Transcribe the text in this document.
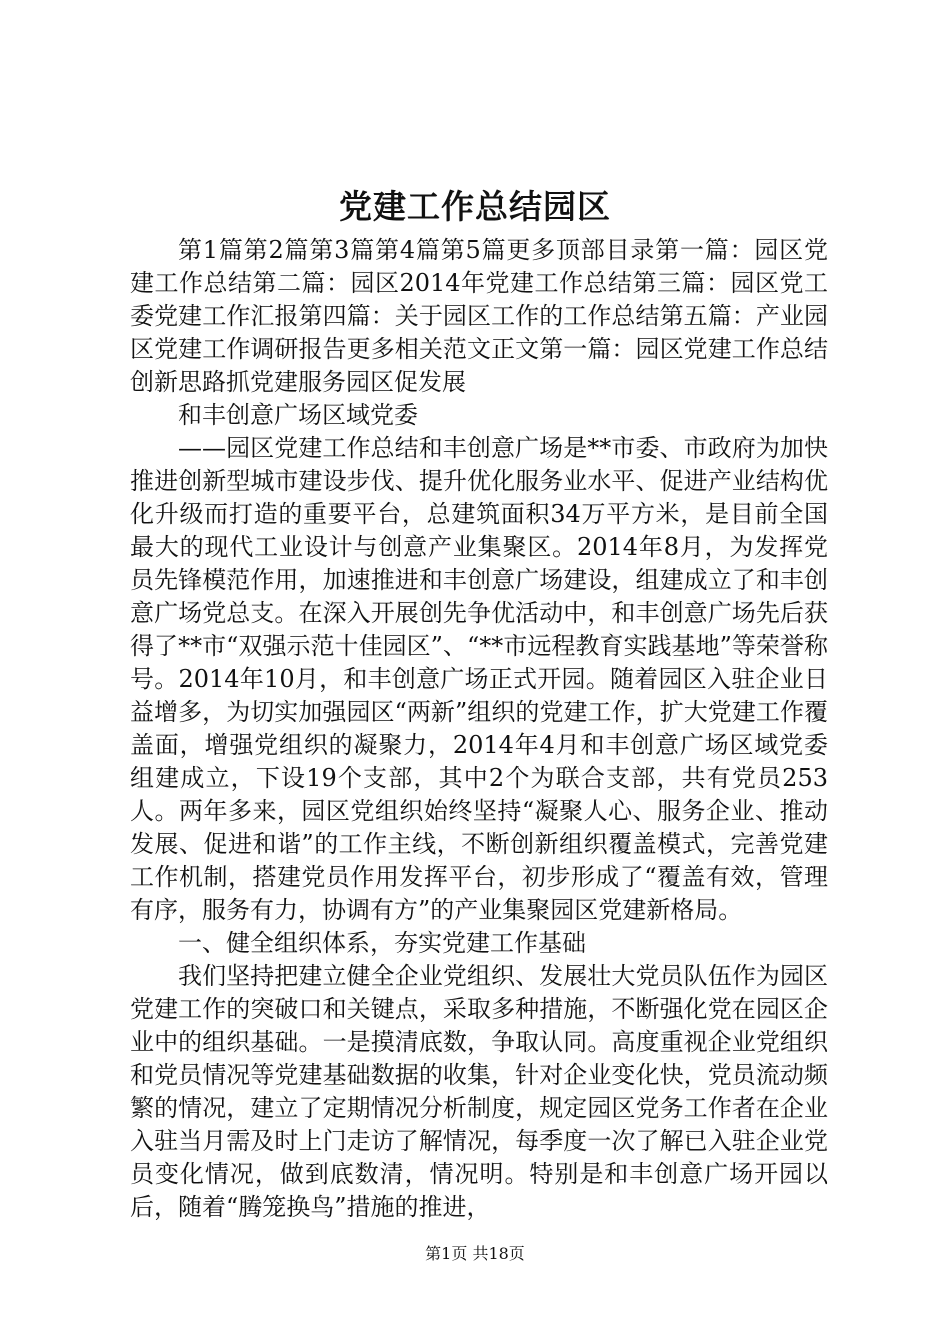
党建工作总结园区

第1篇第2篇第3篇第4篇第5篇更多顶部目录第一篇：园区党建工作总结第二篇：园区2014年党建工作总结第三篇：园区党工委党建工作汇报第四篇：关于园区工作的工作总结第五篇：产业园区党建工作调研报告更多相关范文正文第一篇：园区党建工作总结创新思路抓党建服务园区促发展

和丰创意广场区域党委

——园区党建工作总结和丰创意广场是**市委、市政府为加快推进创新型城市建设步伐、提升优化服务业水平、促进产业结构优化升级而打造的重要平台，总建筑面积34万平方米，是目前全国最大的现代工业设计与创意产业集聚区。2014年8月，为发挥党员先锋模范作用，加速推进和丰创意广场建设，组建成立了和丰创意广场党总支。在深入开展创先争优活动中，和丰创意广场先后获得了**市“双强示范十佳园区”、“**市远程教育实践基地”等荣誉称号。2014年10月，和丰创意广场正式开园。随着园区入驻企业日益增多，为切实加强园区“两新”组织的党建工作，扩大党建工作覆盖面，增强党组织的凝聚力，2014年4月和丰创意广场区域党委组建成立，下设19个支部，其中2个为联合支部，共有党员253人。两年多来，园区党组织始终坚持“凝聚人心、服务企业、推动发展、促进和谐”的工作主线，不断创新组织覆盖模式，完善党建工作机制，搭建党员作用发挥平台，初步形成了“覆盖有效，管理有序，服务有力，协调有方”的产业集聚园区党建新格局。

一、健全组织体系，夯实党建工作基础

我们坚持把建立健全企业党组织、发展壮大党员队伍作为园区党建工作的突破口和关键点，采取多种措施，不断强化党在园区企业中的组织基础。一是摸清底数，争取认同。高度重视企业党组织和党员情况等党建基础数据的收集，针对企业变化快，党员流动频繁的情况，建立了定期情况分析制度，规定园区党务工作者在企业入驻当月需及时上门走访了解情况，每季度一次了解已入驻企业党员变化情况，做到底数清，情况明。特别是和丰创意广场开园以后，随着“腾笼换鸟”措施的推进，

第1页 共18页
